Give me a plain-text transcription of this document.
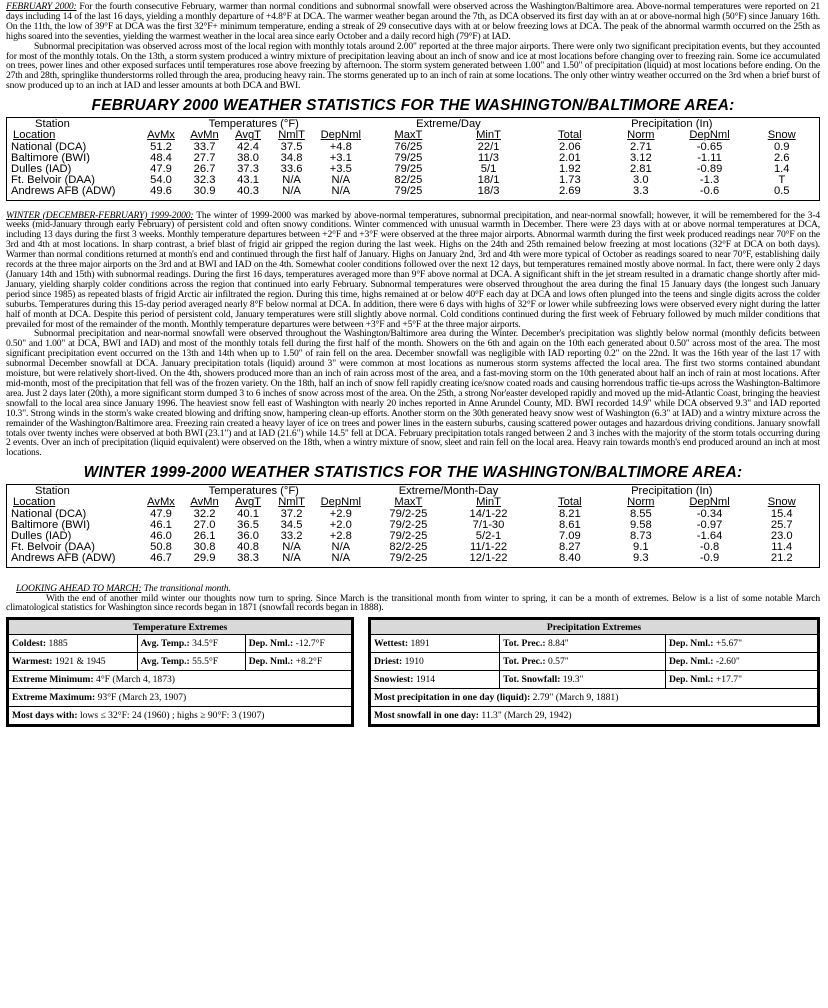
FEBRUARY 2000: For the fourth consecutive February, warmer than normal conditions and subnormal snowfall were observed across the Washington/Baltimore area. Above-normal temperatures were reported on 21 days including 14 of the last 16 days, yielding a monthly departure of +4.8°F at DCA. The warmer weather began around the 7th, as DCA observed its first day with an at or above-normal high (50°F) since January 16th. On the 11th, the low of 39°F at DCA was the first 32°F+ minimum temperature, ending a streak of 29 consecutive days with at or below freezing lows at DCA. The peak of the abnormal warmth occurred on the 25th as highs soared into the seventies, yielding the warmest weather in the local area since early October and a daily record high (79°F) at IAD.

Subnormal precipitation was observed across most of the local region with monthly totals around 2.00" reported at the three major airports. There were only two significant precipitation events, but they accounted for most of the monthly totals. On the 13th, a storm system produced a wintry mixture of precipitation leaving about an inch of snow and ice at most locations before changing over to freezing rain. Some ice accumulated on trees, power lines and other exposed surfaces until temperatures rose above freezing by afternoon. The storm system generated between 1.00" and 1.50" of precipitation (liquid) at most locations before ending. On the 27th and 28th, springlike thunderstorms rolled through the area, producing heavy rain. The storms generated up to an inch of rain at some locations. The only other wintry weather occurred on the 3rd when a brief burst of snow produced up to an inch at IAD and lesser amounts at both DCA and BWI.

FEBRUARY 2000 WEATHER STATISTICS FOR THE WASHINGTON/BALTIMORE AREA:
Station	Temperatures (°F)					Extreme/Day		Precipitation (In)			
Location	AvMx	AvMn	AvgT	NmlT	DepNml	MaxT	MinT	Total	Norm	DepNml	Snow
National (DCA)	51.2	33.7	42.4	37.5	+4.8	76/25	22/1	2.06	2.71	-0.65	0.9
Baltimore (BWI)	48.4	27.7	38.0	34.8	+3.1	79/25	11/3	2.01	3.12	-1.11	2.6
Dulles (IAD)	47.9	26.7	37.3	33.6	+3.5	79/25	5/1	1.92	2.81	-0.89	1.4
Ft. Belvoir (DAA)	54.0	32.3	43.1	N/A	N/A	82/25	18/1	1.73	3.0	-1.3	T
Andrews AFB (ADW)	49.6	30.9	40.3	N/A	N/A	79/25	18/3	2.69	3.3	-0.6	0.5

WINTER (DECEMBER-FEBRUARY) 1999-2000: The winter of 1999-2000 was marked by above-normal temperatures, subnormal precipitation, and near-normal snowfall; however, it will be remembered for the 3-4 weeks (mid-January through early February) of persistent cold and often snowy conditions. Winter commenced with unusual warmth in December. There were 23 days with at or above normal temperatures at DCA, including 13 days during the first 3 weeks. Monthly temperature departures between +2°F and +3°F were observed at the three major airports. Abnormal warmth during the first week produced readings near 70°F on the 3rd and 4th at most locations. In sharp contrast, a brief blast of frigid air gripped the region during the last week. Highs on the 24th and 25th remained below freezing at most locations (32°F at DCA on both days). Warmer than normal conditions returned at month's end and continued through the first half of January. Highs on January 2nd, 3rd and 4th were more typical of October as readings soared to near 70°F, establishing daily records at the three major airports on the 3rd and at BWI and IAD on the 4th. Somewhat cooler conditions followed over the next 12 days, but temperatures remained mostly above normal. In fact, there were only 2 days (January 14th and 15th) with subnormal readings. During the first 16 days, temperatures averaged more than 9°F above normal at DCA. A significant shift in the jet stream resulted in a dramatic change shortly after mid-January, yielding sharply colder conditions across the region that continued into early February. Subnormal temperatures were observed throughout the area during the final 15 January days (the longest such January period since 1985) as repeated blasts of frigid Arctic air infiltrated the region. During this time, highs remained at or below 40°F each day at DCA and lows often plunged into the teens and single digits across the colder suburbs. Temperatures during this 15-day period averaged nearly 8°F below normal at DCA. In addition, there were 6 days with highs of 32°F or lower while subfreezing lows were observed every night during the latter half of month at DCA. Despite this period of persistent cold, January temperatures were still slightly above normal. Cold conditions continued during the first week of February followed by much milder conditions that prevailed for most of the remainder of the month. Monthly temperature departures were between +3°F and +5°F at the three major airports.

Subnormal precipitation and near-normal snowfall were observed throughout the Washington/Baltimore area during the Winter. December's precipitation was slightly below normal (monthly deficits between 0.50" and 1.00" at DCA, BWI and IAD) and most of the monthly totals fell during the first half of the month. Showers on the 6th and again on the 10th each generated about 0.50" across most of the area. The most significant precipitation event occurred on the 13th and 14th when up to 1.50" of rain fell on the area. December snowfall was negligible with IAD reporting 0.2" on the 22nd. It was the 16th year of the last 17 with subnormal December snowfall at DCA. January precipitation totals (liquid) around 3" were common at most locations as numerous storm systems affected the local area. The first two storms contained abundant moisture, but were relatively short-lived. On the 4th, showers produced more than an inch of rain across most of the area, and a fast-moving storm on the 10th generated about half an inch of rain at most locations. After mid-month, most of the precipitation that fell was of the frozen variety. On the 18th, half an inch of snow fell rapidly creating ice/snow coated roads and causing horrendous traffic tie-ups across the Washington-Baltimore area. Just 2 days later (20th), a more significant storm dumped 3 to 6 inches of snow across most of the area. On the 25th, a strong Nor'easter developed rapidly and moved up the mid-Atlantic Coast, bringing the heaviest snowfall to the local area since January 1996. The heaviest snow fell east of Washington with nearly 20 inches reported in Anne Arundel County, MD. BWI recorded 14.9" while DCA observed 9.3" and IAD reported 10.3". Strong winds in the storm's wake created blowing and drifting snow, hampering clean-up efforts. Another storm on the 30th generated heavy snow west of Washington (6.3" at IAD) and a wintry mixture across the remainder of the Washington/Baltimore area. Freezing rain created a heavy layer of ice on trees and power lines in the eastern suburbs, causing scattered power outages and hazardous driving conditions. January snowfall totals over twenty inches were observed at both BWI (23.1") and at IAD (21.6") while 14.5" fell at DCA. February precipitation totals ranged between 2 and 3 inches with the majority of the storm totals occurring during 2 events. Over an inch of precipitation (liquid equivalent) were observed on the 18th, when a wintry mixture of snow, sleet and rain fell on the local area. Heavy rain towards month's end produced around an inch at most locations.

WINTER 1999-2000 WEATHER STATISTICS FOR THE WASHINGTON/BALTIMORE AREA:
Station	Temperatures (°F)					Extreme/Month-Day		Precipitation (In)			
Location	AvMx	AvMn	AvgT	NmlT	DepNml	MaxT	MinT	Total	Norm	DepNml	Snow
National (DCA)	47.9	32.2	40.1	37.2	+2.9	79/2-25	14/1-22	8.21	8.55	-0.34	15.4
Baltimore (BWI)	46.1	27.0	36.5	34.5	+2.0	79/2-25	7/1-30	8.61	9.58	-0.97	25.7
Dulles (IAD)	46.0	26.1	36.0	33.2	+2.8	79/2-25	5/2-1	7.09	8.73	-1.64	23.0
Ft. Belvoir (DAA)	50.8	30.8	40.8	N/A	N/A	82/2-25	11/1-22	8.27	9.1	-0.8	11.4
Andrews AFB (ADW)	46.7	29.9	38.3	N/A	N/A	79/2-25	12/1-22	8.40	9.3	-0.9	21.2

LOOKING AHEAD TO MARCH: The transitional month.

With the end of another mild winter our thoughts now turn to spring. Since March is the transitional month from winter to spring, it can be a month of extremes. Below is a list of some notable March climatological statistics for Washington since records began in 1871 (snowfall records began in 1888).

Temperature Extremes		
Coldest: 1885	Avg. Temp.: 34.5°F	Dep. Nml.: -12.7°F
Warmest: 1921 & 1945	Avg. Temp.: 55.5°F	Dep. Nml.: +8.2°F
Extreme Minimum: 4°F (March 4, 1873)		
Extreme Maximum: 93°F (March 23, 1907)		
Most days with: lows ≤ 32°F: 24 (1960) ; highs ≥ 90°F: 3 (1907)		
Precipitation Extremes		
Wettest: 1891	Tot. Prec.: 8.84"	Dep. Nml.: +5.67"
Driest: 1910	Tot. Prec.: 0.57"	Dep. Nml.: -2.60"
Snowiest: 1914	Tot. Snowfall: 19.3"	Dep. Nml.: +17.7"
Most precipitation in one day (liquid): 2.79" (March 9, 1881)		
Most snowfall in one day: 11.3" (March 29, 1942)		
